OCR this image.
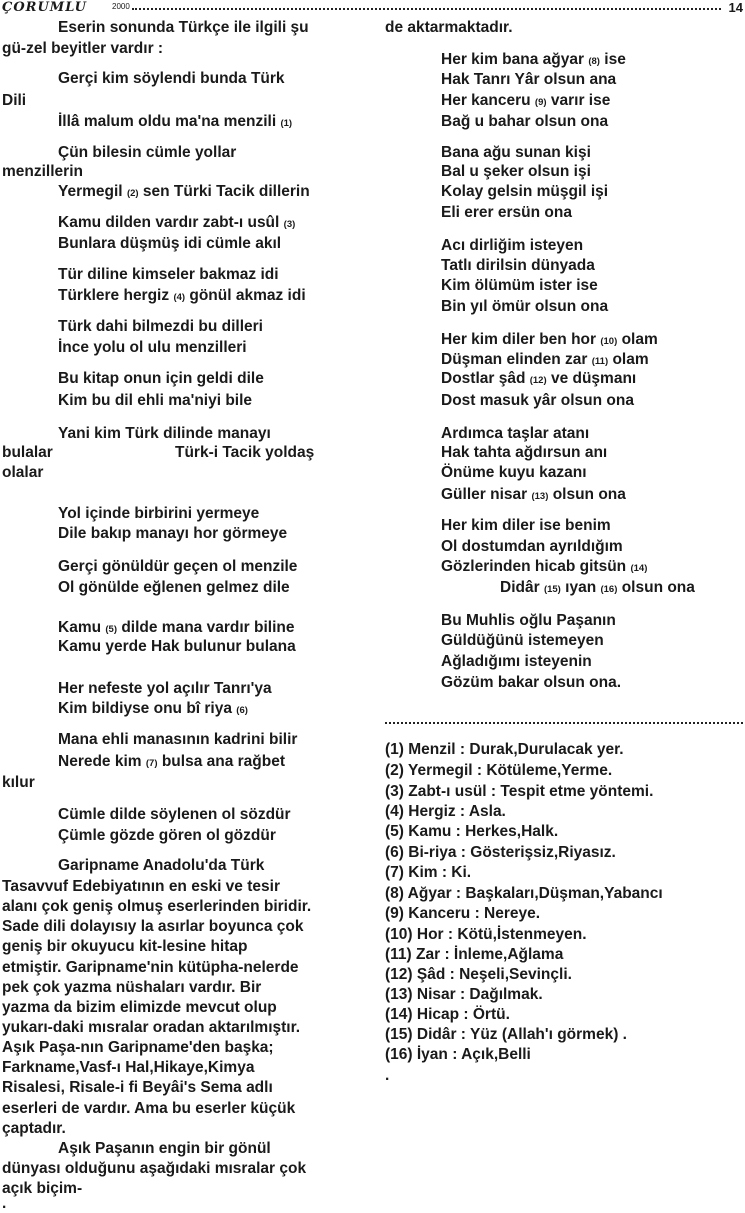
ÇORUMLU	2000	14
Eserin sonunda Türkçe ile ilgili şu
gü-zel beyitler vardır :
Gerçi kim söylendi bunda Türk
Dili
İllâ malum oldu ma'na menzili (1)
Çün bilesin cümle yollar
menzillerin
Yermegil (2) sen Türki Tacik dillerin
Kamu dilden vardır zabt-ı usûl (3)
Bunlara düşmüş idi cümle akıl
Tür diline kimseler bakmaz idi
Türklere hergiz (4) gönül akmaz idi
Türk dahi bilmezdi bu dilleri
İnce yolu ol ulu menzilleri
Bu kitap onun için geldi dile
Kim bu dil ehli ma'niyi bile
Yani kim Türk dilinde manayı
bulalar	Türk-i Tacik yoldaş
olalar
Yol içinde birbirini yermeye
Dile bakıp manayı hor görmeye
Gerçi gönüldür geçen ol menzile
Ol gönülde eğlenen gelmez dile
Kamu (5) dilde mana vardır biline
Kamu yerde Hak bulunur bulana
Her nefeste yol açılır Tanrı'ya
Kim bildiyse onu bî riya (6)
Mana ehli manasının kadrini bilir
Nerede kim (7) bulsa ana rağbet
kılur
Cümle dilde söylenen ol sözdür
Çümle gözde gören ol gözdür
Garipname Anadolu'da Türk
Tasavvuf Edebiyatının en eski ve tesir
alanı çok geniş olmuş eserlerinden biridir.
Sade dili dolayısıy la asırlar boyunca çok
geniş bir okuyucu kit-lesine hitap
etmiştir. Garipname'nin kütüpha-nelerde
pek çok yazma nüshaları vardır. Bir
yazma da bizim elimizde mevcut olup
yukarı-daki mısralar oradan aktarılmıştır.
Aşık Paşa-nın Garipname'den başka;
Farkname,Vasf-ı Hal,Hikaye,Kimya
Risalesi, Risale-i fi Beyâi's Sema adlı
eserleri de vardır. Ama bu eserler küçük
çaptadır.
Aşık Paşanın engin bir gönül
dünyası olduğunu aşağıdaki mısralar çok
açık biçim-
.
de aktarmaktadır.
Her kim bana ağyar (8) ise
Hak Tanrı Yâr olsun ana
Her kanceru (9) varır ise
Bağ u bahar olsun ona
Bana ağu sunan kişi
Bal u şeker olsun işi
Kolay gelsin müşgil işi
Eli erer ersün ona
Acı dirliğim isteyen
Tatlı dirilsin dünyada
Kim ölümüm ister ise
Bin yıl ömür olsun ona
Her kim diler ben hor (10) olam
Düşman elinden zar (11) olam
Dostlar şâd (12) ve düşmanı
Dost masuk yâr olsun ona
Ardımca taşlar atanı
Hak tahta ağdırsun anı
Önüme kuyu kazanı
Güller nisar (13) olsun ona
Her kim diler ise benim
Ol dostumdan ayrıldığım
Gözlerinden hicab gitsün (14)
Didâr (15) ıyan (16) olsun ona
Bu Muhlis oğlu Paşanın
Güldüğünü istemeyen
Ağladığımı isteyenin
Gözüm bakar olsun ona.
(1) Menzil : Durak,Durulacak yer.
(2) Yermegil : Kötüleme,Yerme.
(3) Zabt-ı usül : Tespit etme yöntemi.
(4) Hergiz : Asla.
(5) Kamu : Herkes,Halk.
(6) Bi-riya : Gösterişsiz,Riyasız.
(7) Kim : Ki.
(8) Ağyar : Başkaları,Düşman,Yabancı
(9) Kanceru : Nereye.
(10) Hor : Kötü,İstenmeyen.
(11) Zar : İnleme,Ağlama
(12) Şâd : Neşeli,Sevinçli.
(13) Nisar : Dağılmak.
(14) Hicap : Örtü.
(15) Didâr : Yüz (Allah'ı görmek) .
(16) İyan : Açık,Belli
.
